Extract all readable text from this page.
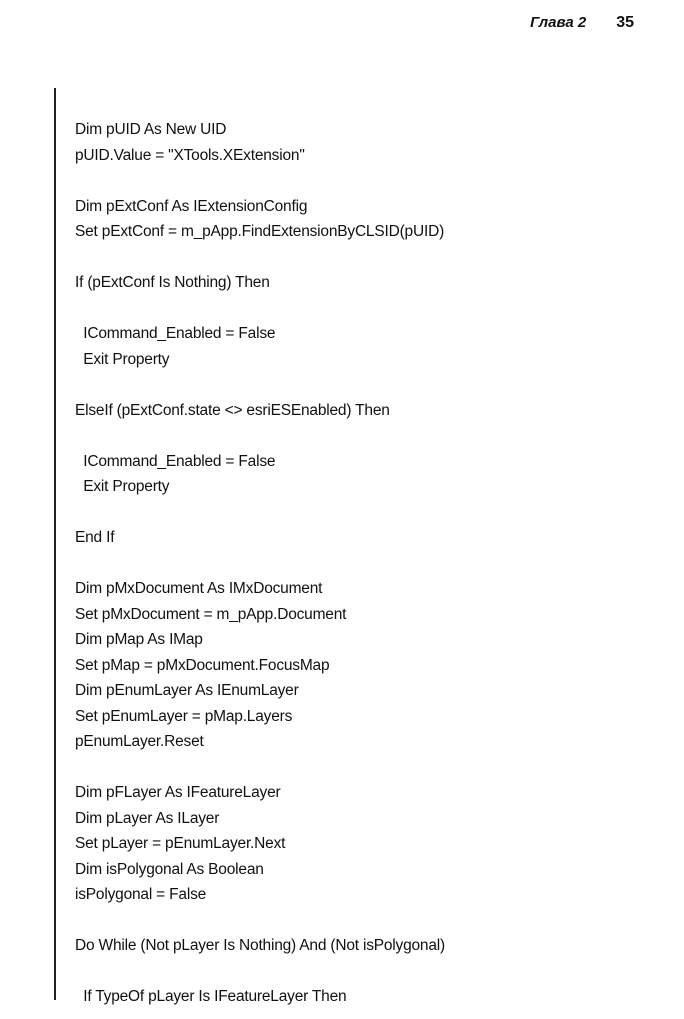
Глава 2 35
Dim pUID As New UID
pUID.Value = "XTools.XExtension"
Dim pExtConf As IExtensionConfig
Set pExtConf = m_pApp.FindExtensionByCLSID(pUID)
If (pExtConf Is Nothing) Then
ICommand_Enabled = False
Exit Property
ElseIf (pExtConf.state <> esriESEnabled) Then
ICommand_Enabled = False
Exit Property
End If
Dim pMxDocument As IMxDocument
Set pMxDocument = m_pApp.Document
Dim pMap As IMap
Set pMap = pMxDocument.FocusMap
Dim pEnumLayer As IEnumLayer
Set pEnumLayer = pMap.Layers
pEnumLayer.Reset
Dim pFLayer As IFeatureLayer
Dim pLayer As ILayer
Set pLayer = pEnumLayer.Next
Dim isPolygonal As Boolean
isPolygonal = False
Do While (Not pLayer Is Nothing) And (Not isPolygonal)
If TypeOf pLayer Is IFeatureLayer Then
